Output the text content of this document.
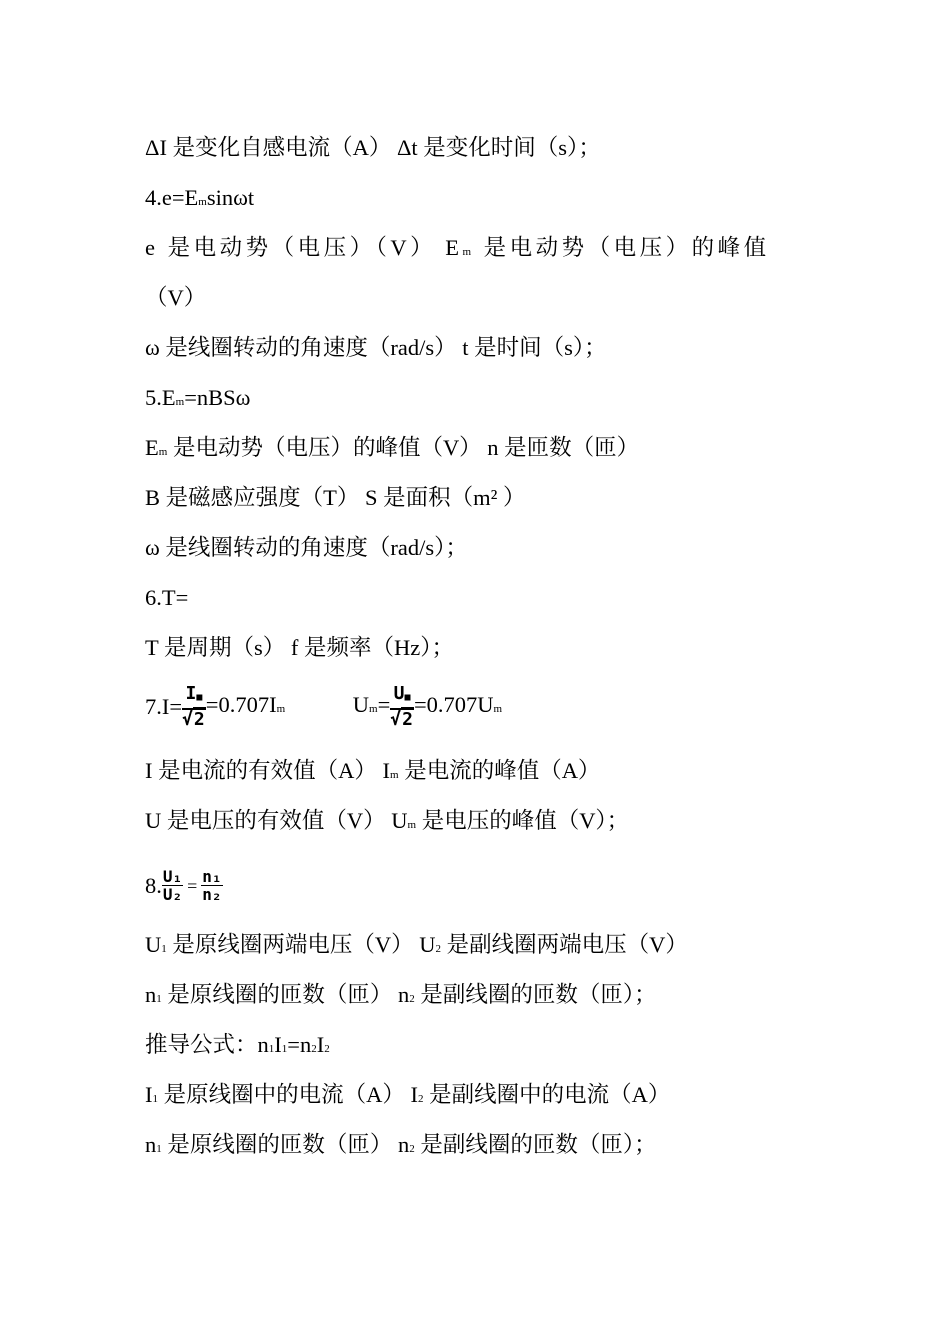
ΔI 是变化自感电流（A） Δt 是变化时间（s）；
4.e=Emsinωt
e 是电动势（电压）（V） Em 是电动势（电压）的峰值
（V）
ω 是线圈转动的角速度（rad/s） t 是时间（s）；
5.Em=nBSω
Em 是电动势（电压）的峰值（V） n 是匝数（匝）
B 是磁感应强度（T） S 是面积（m² ）
ω 是线圈转动的角速度（rad/s）；
6.T=
T 是周期（s） f 是频率（Hz）；
$7.I= \frac{I■}{√2} =0.707Im$	$Um= \frac{U■}{√2} =0.707Um$
I 是电流的有效值（A） Im 是电流的峰值（A）
U 是电压的有效值（V） Um 是电压的峰值（V）；
8. $\frac{\text{U₁}}{\text{U₂}} = \frac{\text{n₁}}{\text{n₂}}$
U1 是原线圈两端电压（V） U2 是副线圈两端电压（V）
n1 是原线圈的匝数（匝） n2 是副线圈的匝数（匝）；
推导公式：n1I1=n2I2
I1 是原线圈中的电流（A） I2 是副线圈中的电流（A）
n1 是原线圈的匝数（匝） n2 是副线圈的匝数（匝）；
